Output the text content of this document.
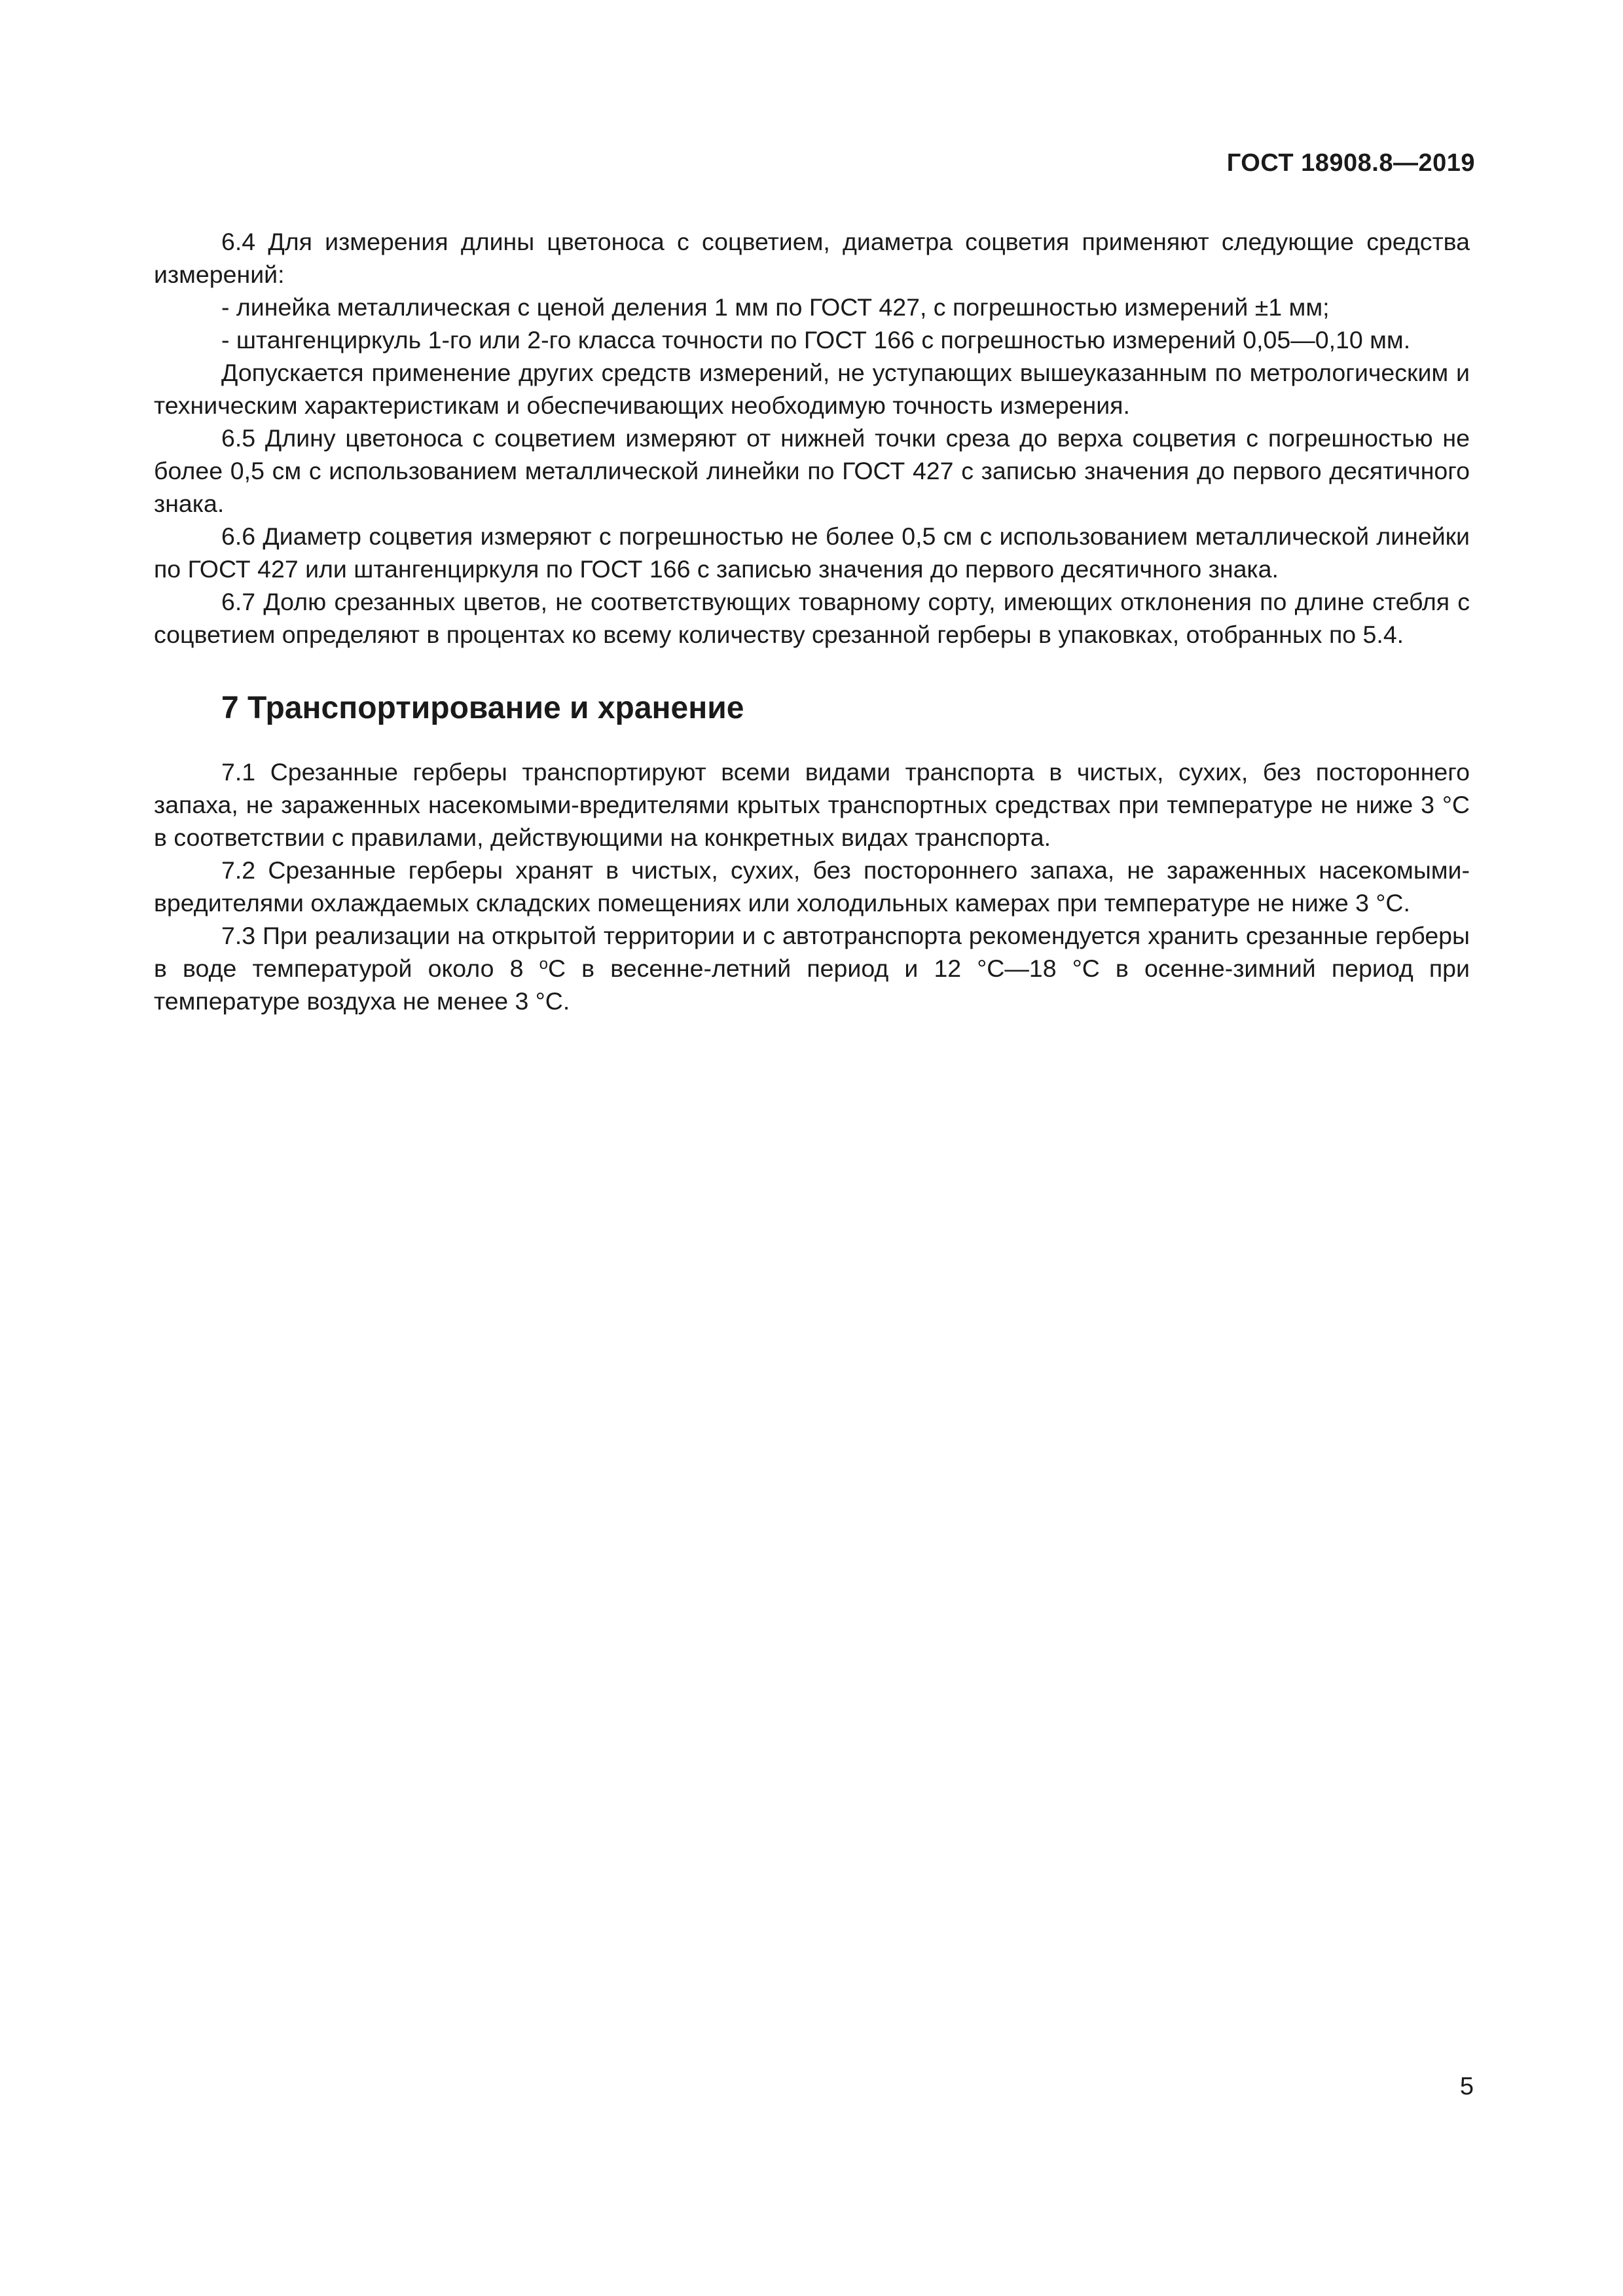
ГОСТ 18908.8—2019

6.4 Для измерения длины цветоноса с соцветием, диаметра соцветия применяют следующие средства измерений:

- линейка металлическая с ценой деления 1 мм по ГОСТ 427, с погрешностью измерений ±1 мм;

- штангенциркуль 1-го или 2-го класса точности по ГОСТ 166 с погрешностью измерений 0,05—0,10 мм.

Допускается применение других средств измерений, не уступающих вышеуказанным по метрологическим и техническим характеристикам и обеспечивающих необходимую точность измерения.

6.5 Длину цветоноса с соцветием измеряют от нижней точки среза до верха соцветия с погрешностью не более 0,5 см с использованием металлической линейки по ГОСТ 427 с записью значения до первого десятичного знака.

6.6 Диаметр соцветия измеряют с погрешностью не более 0,5 см с использованием металлической линейки по ГОСТ 427 или штангенциркуля по ГОСТ 166 с записью значения до первого десятичного знака.

6.7 Долю срезанных цветов, не соответствующих товарному сорту, имеющих отклонения по длине стебля с соцветием определяют в процентах ко всему количеству срезанной герберы в упаковках, отобранных по 5.4.

7 Транспортирование и хранение

7.1 Срезанные герберы транспортируют всеми видами транспорта в чистых, сухих, без постороннего запаха, не зараженных насекомыми-вредителями крытых транспортных средствах при температуре не ниже 3 °С в соответствии с правилами, действующими на конкретных видах транспорта.

7.2 Срезанные герберы хранят в чистых, сухих, без постороннего запаха, не зараженных насекомыми-вредителями охлаждаемых складских помещениях или холодильных камерах при температуре не ниже 3 °С.

7.3 При реализации на открытой территории и с автотранспорта рекомендуется хранить срезанные герберы в воде температурой около 8 $^о$С в весенне-летний период и 12 °С—18 °С в осенне-зимний период при температуре воздуха не менее 3 °С.

5
